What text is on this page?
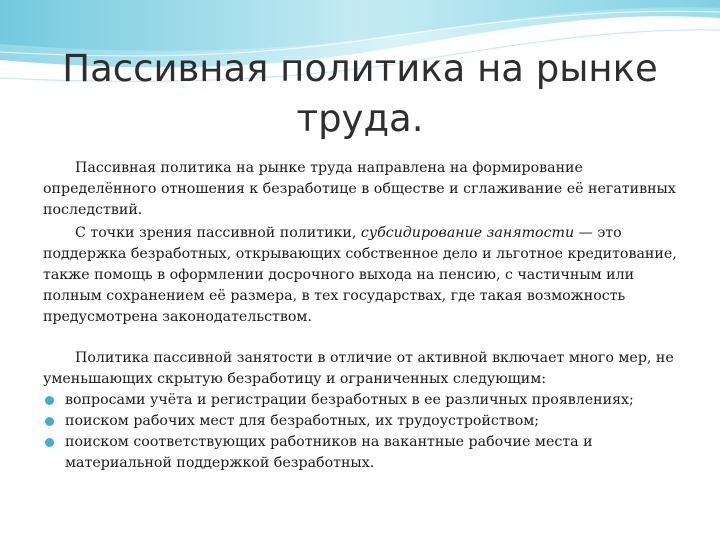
Пассивная политика на рынке
труда.

Пассивная политика на рынке труда направлена на формирование определённого отношения к безработице в обществе и сглаживание её негативных последствий.

С точки зрения пассивной политики, субсидирование занятости — это поддержка безработных, открывающих собственное дело и льготное кредитование, также помощь в оформлении досрочного выхода на пенсию, с частичным или полным сохранением её размера, в тех государствах, где такая возможность предусмотрена законодательством.

Политика пассивной занятости в отличие от активной включает много мер, не уменьшающих скрытую безработицу и ограниченных следующим:

вопросами учёта и регистрации безработных в ее различных проявлениях;
поиском рабочих мест для безработных, их трудоустройством;
поиском соответствующих работников на вакантные рабочие места и материальной поддержкой безработных.
